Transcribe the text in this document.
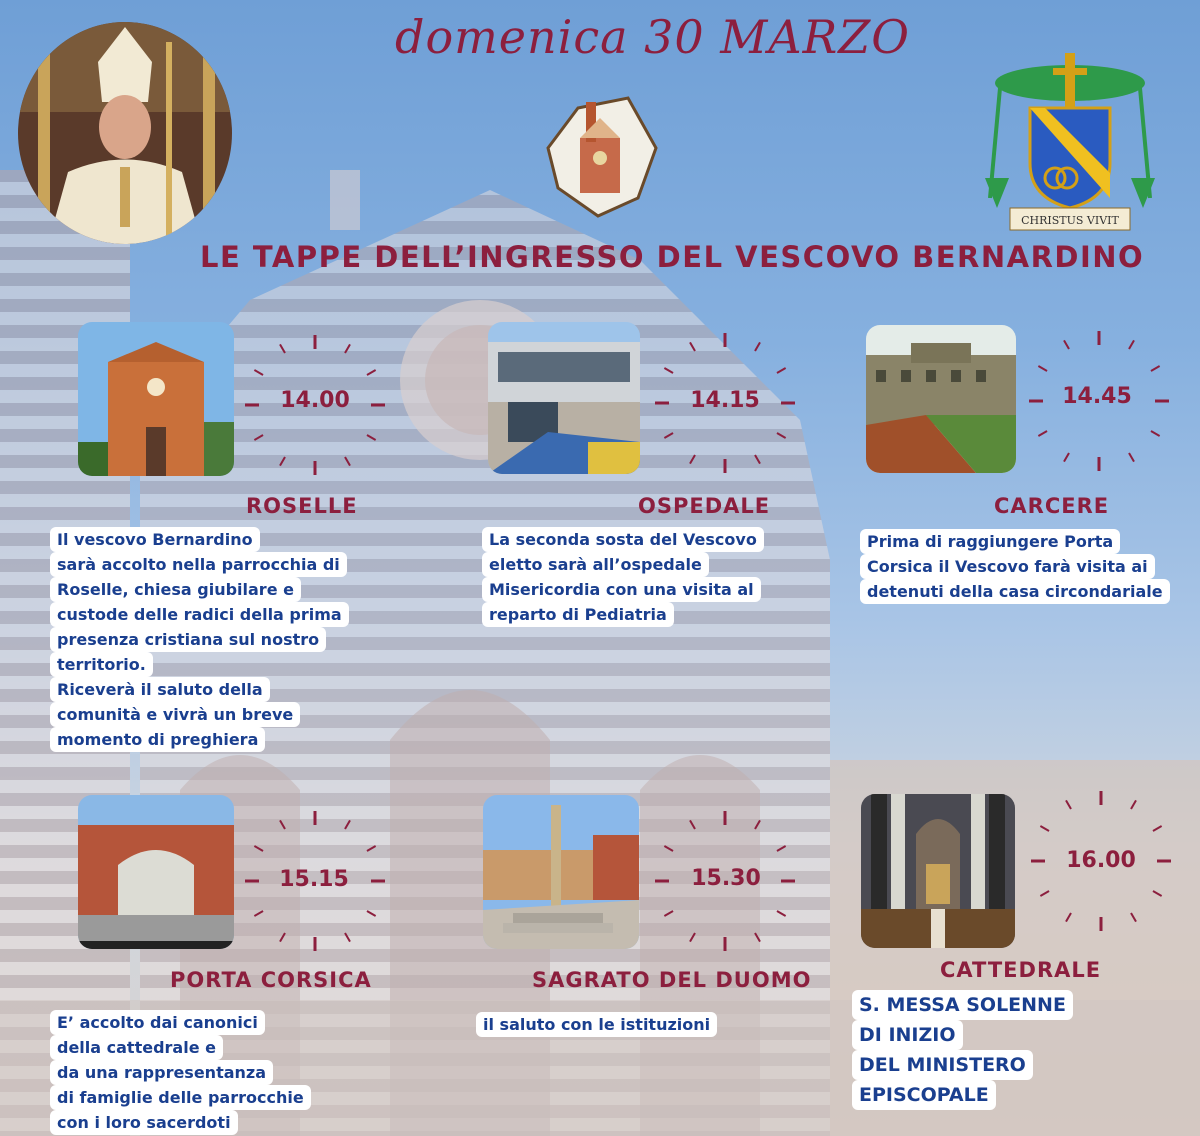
domenica 30 MARZO
CHRISTUS VIVIT
LE TAPPE DELL’INGRESSO DEL VESCOVO BERNARDINO
14.00
ROSELLE
Il vescovo Bernardino
sarà accolto nella parrocchia di
Roselle, chiesa giubilare e
custode delle radici della prima
presenza cristiana sul nostro
territorio.
Riceverà il saluto della
comunità e vivrà un breve
momento di preghiera
14.15
OSPEDALE
La seconda sosta del Vescovo
eletto sarà all’ospedale
Misericordia con una visita al
reparto di Pediatria
14.45
CARCERE
Prima di raggiungere Porta
Corsica il Vescovo farà visita ai
detenuti della casa circondariale
15.15
PORTA CORSICA
E’ accolto dai canonici
della cattedrale e
da una rappresentanza
di famiglie delle parrocchie
con i loro sacerdoti
15.30
SAGRATO DEL DUOMO
il saluto con le istituzioni
16.00
CATTEDRALE
S. MESSA SOLENNE
DI INIZIO
DEL MINISTERO
EPISCOPALE
